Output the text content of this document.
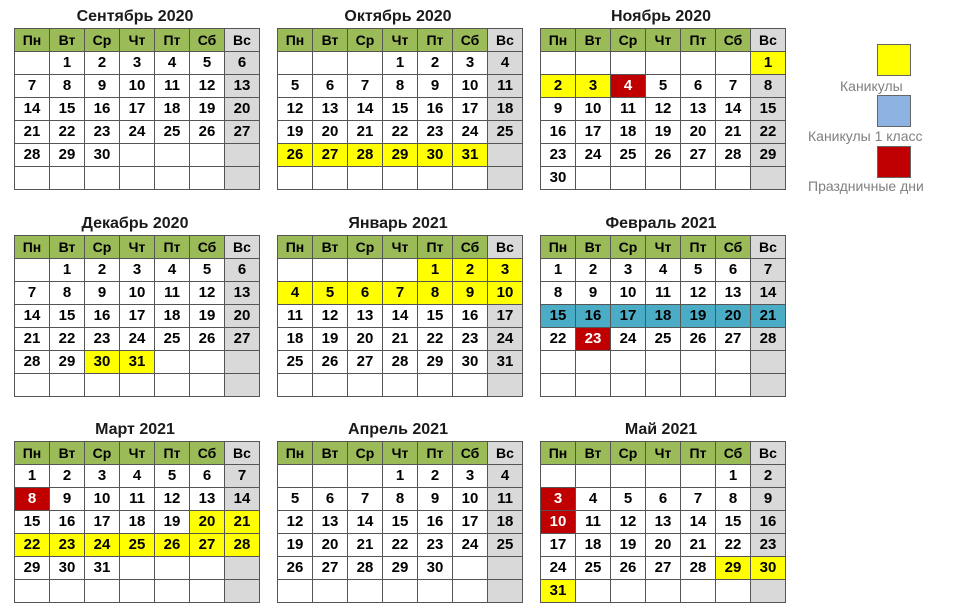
Сентябрь 2020
Пн	Вт	Ср	Чт	Пт	Сб	Вс
	1	2	3	4	5	6
7	8	9	10	11	12	13
14	15	16	17	18	19	20
21	22	23	24	25	26	27
28	29	30				

Октябрь 2020
Пн	Вт	Ср	Чт	Пт	Сб	Вс
			1	2	3	4
5	6	7	8	9	10	11
12	13	14	15	16	17	18
19	20	21	22	23	24	25
26	27	28	29	30	31	

Ноябрь 2020
Пн	Вт	Ср	Чт	Пт	Сб	Вс
						1
2	3	4	5	6	7	8
9	10	11	12	13	14	15
16	17	18	19	20	21	22
23	24	25	26	27	28	29
30						
Декабрь 2020
Пн	Вт	Ср	Чт	Пт	Сб	Вс
	1	2	3	4	5	6
7	8	9	10	11	12	13
14	15	16	17	18	19	20
21	22	23	24	25	26	27
28	29	30	31			

Январь 2021
Пн	Вт	Ср	Чт	Пт	Сб	Вс
				1	2	3
4	5	6	7	8	9	10
11	12	13	14	15	16	17
18	19	20	21	22	23	24
25	26	27	28	29	30	31

Февраль 2021
Пн	Вт	Ср	Чт	Пт	Сб	Вс
1	2	3	4	5	6	7
8	9	10	11	12	13	14
15	16	17	18	19	20	21
22	23	24	25	26	27	28

Март 2021
Пн	Вт	Ср	Чт	Пт	Сб	Вс
1	2	3	4	5	6	7
8	9	10	11	12	13	14
15	16	17	18	19	20	21
22	23	24	25	26	27	28
29	30	31				

Апрель 2021
Пн	Вт	Ср	Чт	Пт	Сб	Вс
			1	2	3	4
5	6	7	8	9	10	11
12	13	14	15	16	17	18
19	20	21	22	23	24	25
26	27	28	29	30		

Май 2021
Пн	Вт	Ср	Чт	Пт	Сб	Вс
					1	2
3	4	5	6	7	8	9
10	11	12	13	14	15	16
17	18	19	20	21	22	23
24	25	26	27	28	29	30
31						
Каникулы
Каникулы 1 класс
Праздничные дни
